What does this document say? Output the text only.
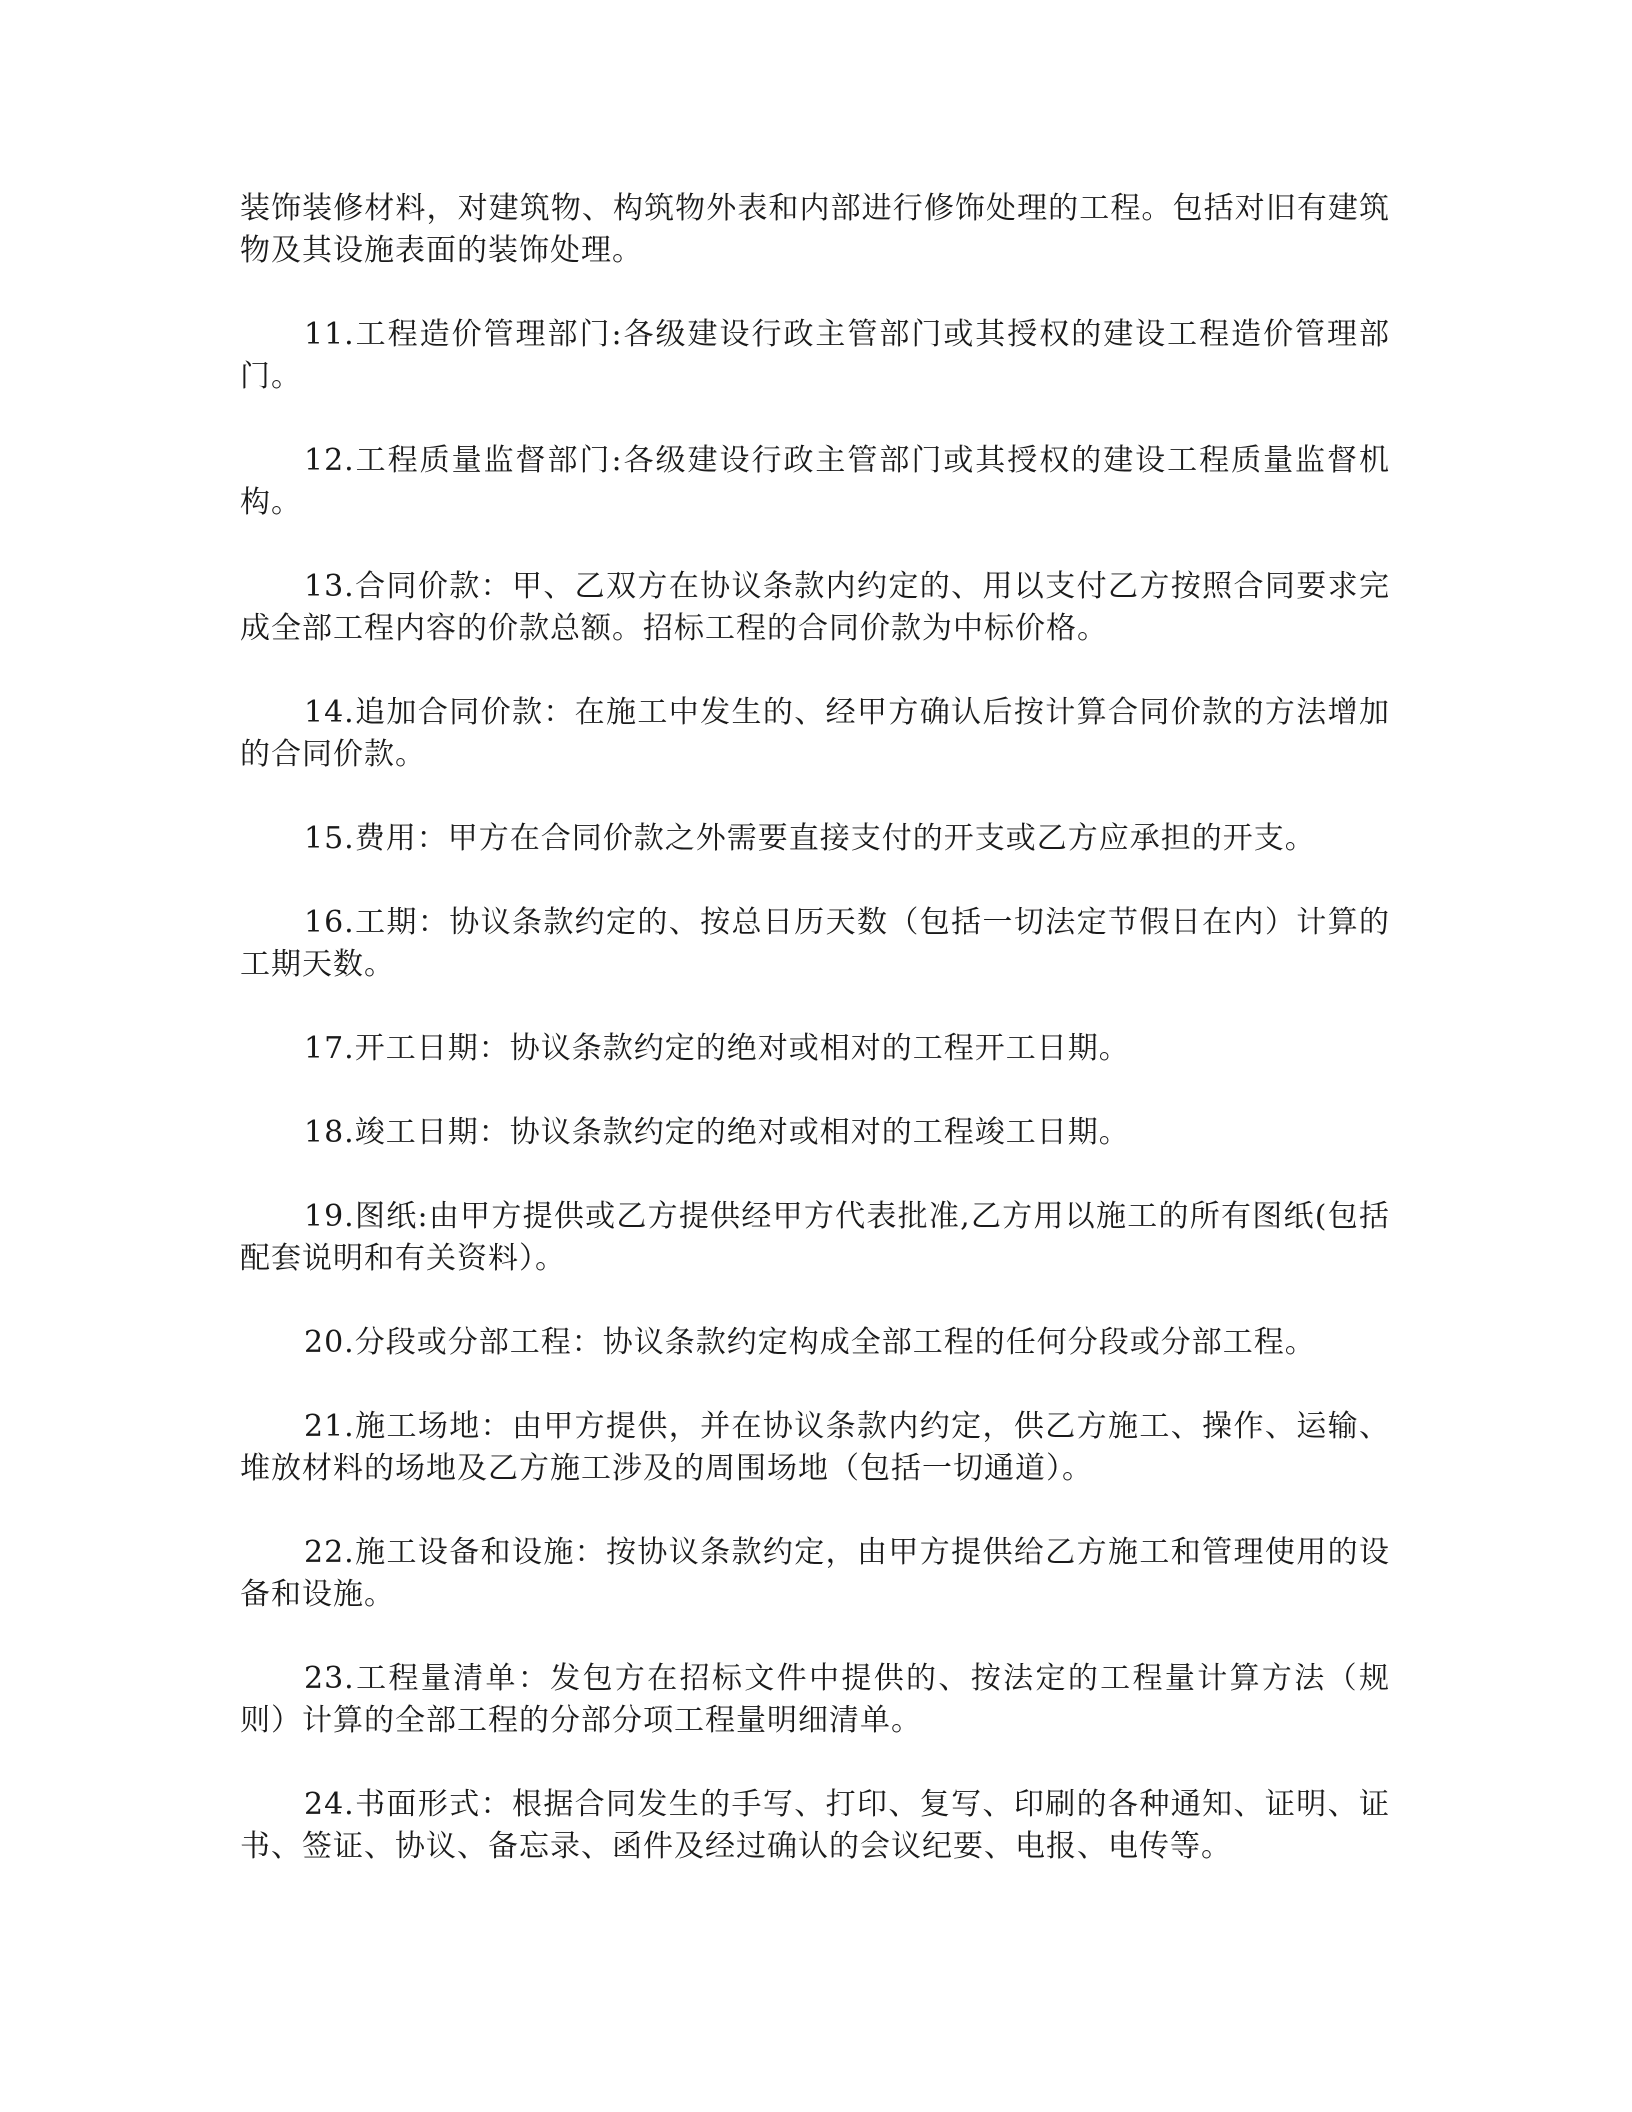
装饰装修材料，对建筑物、构筑物外表和内部进行修饰处理的工程。包括对旧有建筑物及其设施表面的装饰处理。

11.工程造价管理部门:各级建设行政主管部门或其授权的建设工程造价管理部门。

12.工程质量监督部门:各级建设行政主管部门或其授权的建设工程质量监督机构。

13.合同价款：甲、乙双方在协议条款内约定的、用以支付乙方按照合同要求完成全部工程内容的价款总额。招标工程的合同价款为中标价格。

14.追加合同价款：在施工中发生的、经甲方确认后按计算合同价款的方法增加的合同价款。

15.费用：甲方在合同价款之外需要直接支付的开支或乙方应承担的开支。

16.工期：协议条款约定的、按总日历天数（包括一切法定节假日在内）计算的工期天数。

17.开工日期：协议条款约定的绝对或相对的工程开工日期。

18.竣工日期：协议条款约定的绝对或相对的工程竣工日期。

19.图纸:由甲方提供或乙方提供经甲方代表批准,乙方用以施工的所有图纸(包括配套说明和有关资料）。

20.分段或分部工程：协议条款约定构成全部工程的任何分段或分部工程。

21.施工场地：由甲方提供，并在协议条款内约定，供乙方施工、操作、运输、堆放材料的场地及乙方施工涉及的周围场地（包括一切通道）。

22.施工设备和设施：按协议条款约定，由甲方提供给乙方施工和管理使用的设备和设施。

23.工程量清单：发包方在招标文件中提供的、按法定的工程量计算方法（规则）计算的全部工程的分部分项工程量明细清单。

24.书面形式：根据合同发生的手写、打印、复写、印刷的各种通知、证明、证书、签证、协议、备忘录、函件及经过确认的会议纪要、电报、电传等。
